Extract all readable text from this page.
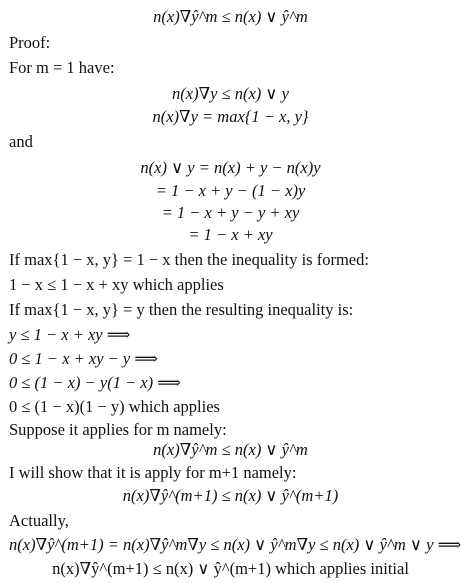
n(x)∇ŷ^m ≤ n(x) ∨ ŷ^m
Proof:
For m = 1 have:
n(x)∇y ≤ n(x) ∨ y
n(x)∇y = max{1 − x, y}
and
n(x) ∨ y = n(x) + y − n(x)y
= 1 − x + y − (1 − x)y
= 1 − x + y − y + xy
= 1 − x + xy
If max{1 − x, y} = 1 − x then the inequality is formed:
1 − x ≤ 1 − x + xy which applies
If max{1 − x, y} = y then the resulting inequality is:
y ≤ 1 − x + xy ⟹
0 ≤ 1 − x + xy − y ⟹
0 ≤ (1 − x) − y(1 − x) ⟹
0 ≤ (1 − x)(1 − y) which applies
Suppose it applies for m namely:
n(x)∇ŷ^m ≤ n(x) ∨ ŷ^m
I will show that it is apply for m+1 namely:
n(x)∇ŷ^(m+1) ≤ n(x) ∨ ŷ^(m+1)
Actually,
n(x)∇ŷ^(m+1) = n(x)∇ŷ^m∇y ≤ n(x) ∨ ŷ^m∇y ≤ n(x) ∨ ŷ^m ∨ y ⟹
n(x)∇ŷ^(m+1) ≤ n(x) ∨ ŷ^(m+1) which applies initial
